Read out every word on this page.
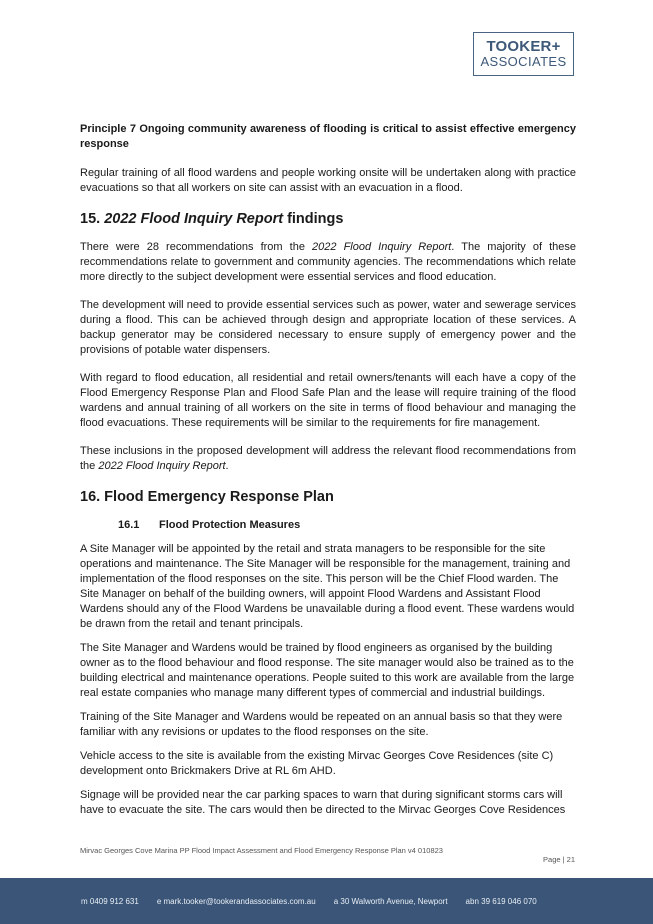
TOOKER+
ASSOCIATES

Principle 7 Ongoing community awareness of flooding is critical to assist effective emergency response

Regular training of all flood wardens and people working onsite will be undertaken along with practice evacuations so that all workers on site can assist with an evacuation in a flood.

15. 2022 Flood Inquiry Report findings

There were 28 recommendations from the 2022 Flood Inquiry Report. The majority of these recommendations relate to government and community agencies. The recommendations which relate more directly to the subject development were essential services and flood education.

The development will need to provide essential services such as power, water and sewerage services during a flood. This can be achieved through design and appropriate location of these services. A backup generator may be considered necessary to ensure supply of emergency power and the provisions of potable water dispensers.

With regard to flood education, all residential and retail owners/tenants will each have a copy of the Flood Emergency Response Plan and Flood Safe Plan and the lease will require training of the flood wardens and annual training of all workers on the site in terms of flood behaviour and managing the flood evacuations. These requirements will be similar to the requirements for fire management.

These inclusions in the proposed development will address the relevant flood recommendations from the 2022 Flood Inquiry Report.

16. Flood Emergency Response Plan
16.1 Flood Protection Measures

A Site Manager will be appointed by the retail and strata managers to be responsible for the site operations and maintenance. The Site Manager will be responsible for the management, training and implementation of the flood responses on the site. This person will be the Chief Flood warden. The Site Manager on behalf of the building owners, will appoint Flood Wardens and Assistant Flood Wardens should any of the Flood Wardens be unavailable during a flood event. These wardens would be drawn from the retail and tenant principals.

The Site Manager and Wardens would be trained by flood engineers as organised by the building owner as to the flood behaviour and flood response. The site manager would also be trained as to the building electrical and maintenance operations. People suited to this work are available from the large real estate companies who manage many different types of commercial and industrial buildings.

Training of the Site Manager and Wardens would be repeated on an annual basis so that they were familiar with any revisions or updates to the flood responses on the site.

Vehicle access to the site is available from the existing Mirvac Georges Cove Residences (site C) development onto Brickmakers Drive at RL 6m AHD.

Signage will be provided near the car parking spaces to warn that during significant storms cars will have to evacuate the site. The cars would then be directed to the Mirvac Georges Cove Residences

Mirvac Georges Cove Marina PP Flood Impact Assessment and Flood Emergency Response Plan v4 010823
Page | 21
m 0409 912 631 e mark.tooker@tookerandassociates.com.au a 30 Walworth Avenue, Newport abn 39 619 046 070
